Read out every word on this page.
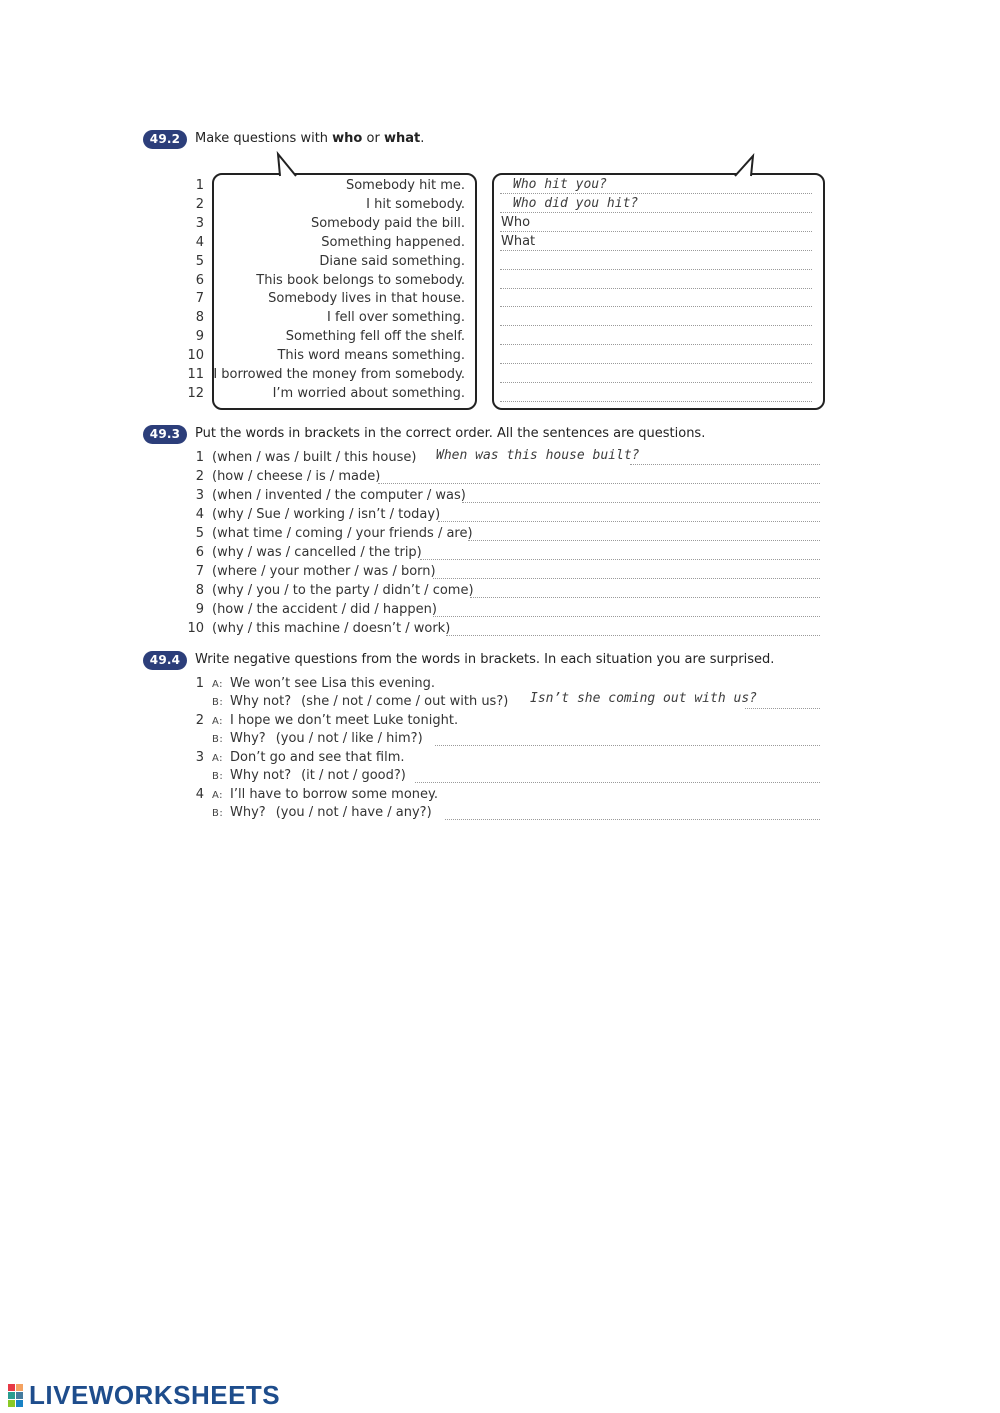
49.2	Make questions with who or what.
1	Somebody hit me.	Who hit you?
2	I hit somebody.	Who did you hit?
3	Somebody paid the bill.	Who
4	Something happened.	What
5	Diane said something.
6	This book belongs to somebody.
7	Somebody lives in that house.
8	I fell over something.
9	Something fell off the shelf.
10	This word means something.
11 I borrowed the money from somebody.
12	I’m worried about something.
49.3	Put the words in brackets in the correct order. All the sentences are questions.
1 (when / was / built / this house) When was this house built?
2 (how / cheese / is / made)
3 (when / invented / the computer / was)
4 (why / Sue / working / isn’t / today)
5 (what time / coming / your friends / are)
6 (why / was / cancelled / the trip)
7 (where / your mother / was / born)
8 (why / you / to the party / didn’t / come)
9 (how / the accident / did / happen)
10 (why / this machine / doesn’t / work)
49.4	Write negative questions from the words in brackets. In each situation you are surprised.
1 A: We won’t see Lisa this evening.
B: Why not? (she / not / come / out with us?) Isn’t she coming out with us?
2 A: I hope we don’t meet Luke tonight.
B: Why? (you / not / like / him?)
3 A: Don’t go and see that film.
B: Why not? (it / not / good?)
4 A: I’ll have to borrow some money.
B: Why? (you / not / have / any?)
LIVEWORKSHEETS
